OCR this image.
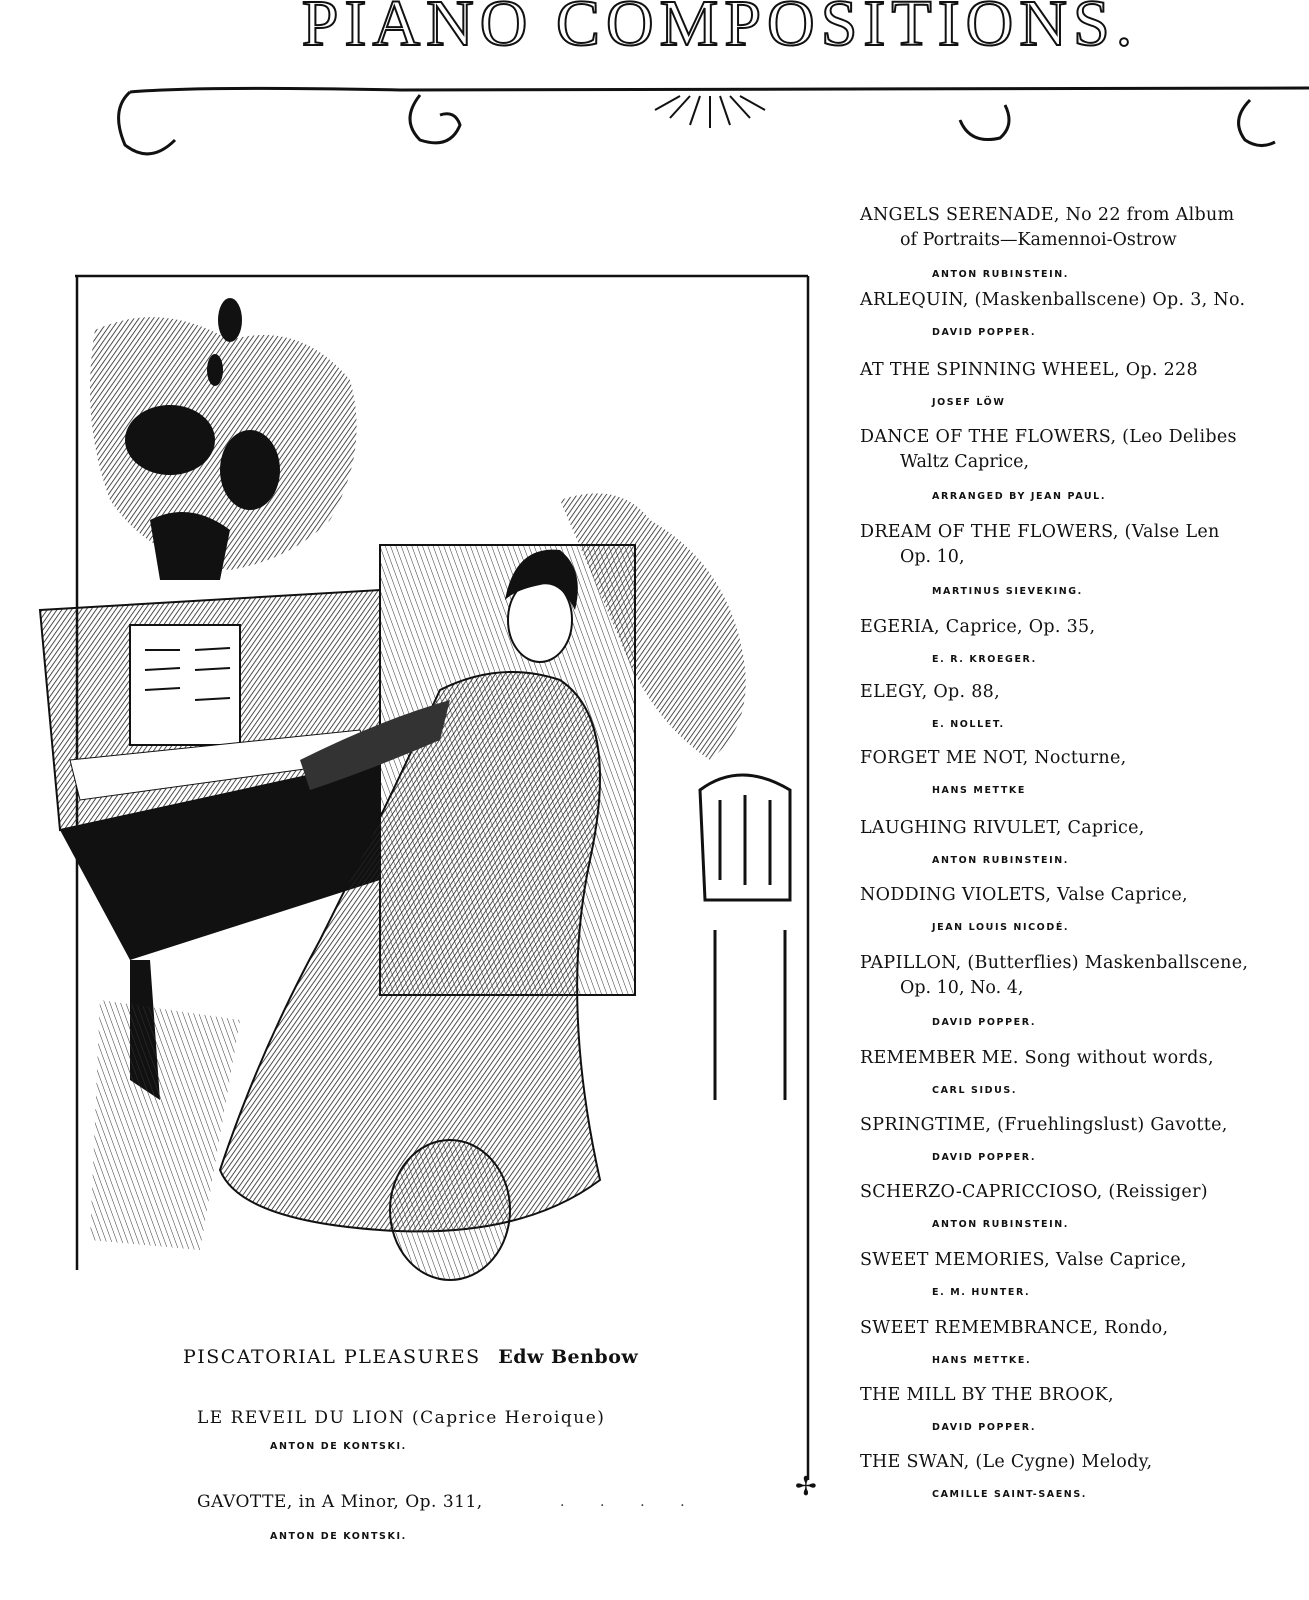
PIANO COMPOSITIONS.
✢
ANGELS SERENADE, No 22 from Album
of Portraits—Kamennoi-Ostrow
ANTON RUBINSTEIN.
ARLEQUIN, (Maskenballscene) Op. 3, No.
DAVID POPPER.
AT THE SPINNING WHEEL, Op. 228
JOSEF LÖW
DANCE OF THE FLOWERS, (Leo Delibes
Waltz Caprice,
ARRANGED BY JEAN PAUL.
DREAM OF THE FLOWERS, (Valse Len
Op. 10,
MARTINUS SIEVEKING.
EGERIA, Caprice, Op. 35,
E. R. KROEGER.
ELEGY, Op. 88,
E. NOLLET.
FORGET ME NOT, Nocturne,
HANS METTKE
LAUGHING RIVULET, Caprice,
ANTON RUBINSTEIN.
NODDING VIOLETS, Valse Caprice,
JEAN LOUIS NICODÉ.
PAPILLON, (Butterflies) Maskenballscene,
Op. 10, No. 4,
DAVID POPPER.
REMEMBER ME. Song without words,
CARL SIDUS.
SPRINGTIME, (Fruehlingslust) Gavotte,
DAVID POPPER.
SCHERZO-CAPRICCIOSO, (Reissiger)
ANTON RUBINSTEIN.
SWEET MEMORIES, Valse Caprice,
E. M. HUNTER.
SWEET REMEMBRANCE, Rondo,
HANS METTKE.
THE MILL BY THE BROOK,
DAVID POPPER.
THE SWAN, (Le Cygne) Melody,
CAMILLE SAINT-SAENS.
PISCATORIAL PLEASURES Edw Benbow
LE REVEIL DU LION (Caprice Heroique)
ANTON DE KONTSKI.
GAVOTTE, in A Minor, Op. 311,	.        .        .        .
ANTON DE KONTSKI.
